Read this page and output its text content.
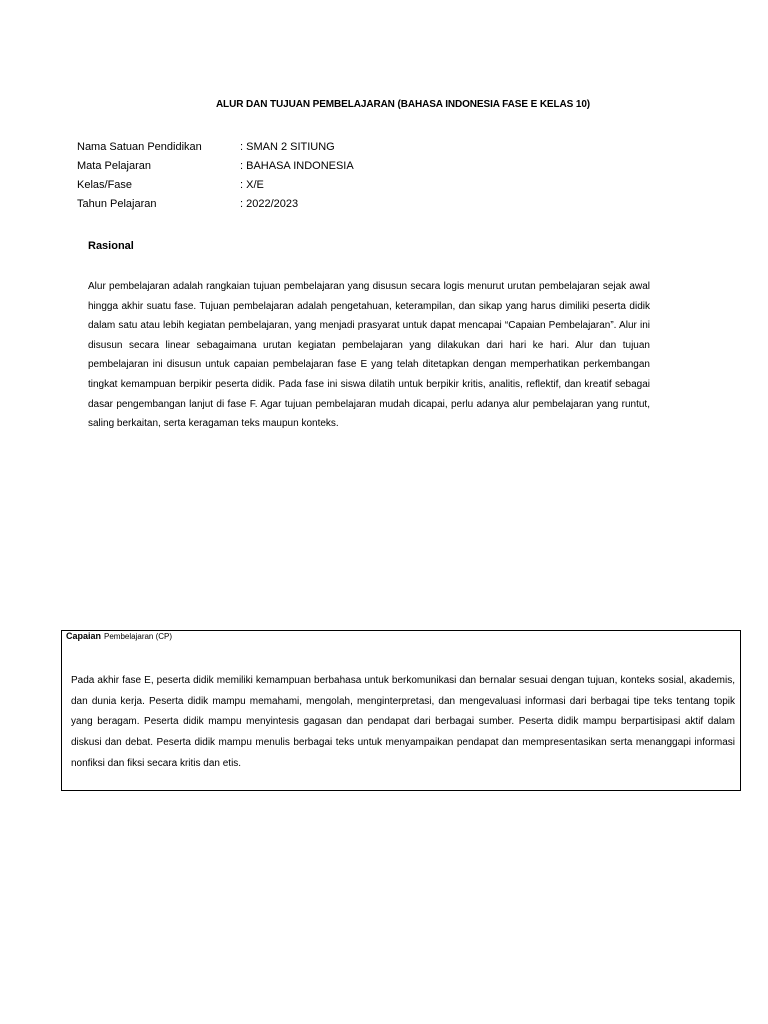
ALUR DAN TUJUAN PEMBELAJARAN (BAHASA INDONESIA FASE E KELAS 10)
Nama Satuan Pendidikan	: SMAN 2 SITIUNG
Mata Pelajaran	: BAHASA INDONESIA
Kelas/Fase	: X/E
Tahun Pelajaran	: 2022/2023
Rasional
Alur pembelajaran adalah rangkaian tujuan pembelajaran yang disusun secara logis menurut urutan pembelajaran sejak awal hingga akhir suatu fase. Tujuan pembelajaran adalah pengetahuan, keterampilan, dan sikap yang harus dimiliki peserta didik dalam satu atau lebih kegiatan pembelajaran, yang menjadi prasyarat untuk dapat mencapai “Capaian Pembelajaran”. Alur ini disusun secara linear sebagaimana urutan kegiatan pembelajaran yang dilakukan dari hari ke hari. Alur dan tujuan pembelajaran ini disusun untuk capaian pembelajaran fase E yang telah ditetapkan dengan memperhatikan perkembangan tingkat kemampuan berpikir peserta didik. Pada fase ini siswa dilatih untuk berpikir kritis, analitis, reflektif, dan kreatif sebagai dasar pengembangan lanjut di fase F. Agar tujuan pembelajaran mudah dicapai, perlu adanya alur pembelajaran yang runtut, saling berkaitan, serta keragaman teks maupun konteks.
Capaian Pembelajaran (CP)
Pada akhir fase E, peserta didik memiliki kemampuan berbahasa untuk berkomunikasi dan bernalar sesuai dengan tujuan, konteks sosial, akademis, dan dunia kerja. Peserta didik mampu memahami, mengolah, menginterpretasi, dan mengevaluasi informasi dari berbagai tipe teks tentang topik yang beragam. Peserta didik mampu menyintesis gagasan dan pendapat dari berbagai sumber. Peserta didik mampu berpartisipasi aktif dalam diskusi dan debat. Peserta didik mampu menulis berbagai teks untuk menyampaikan pendapat dan mempresentasikan serta menanggapi informasi nonfiksi dan fiksi secara kritis dan etis.
